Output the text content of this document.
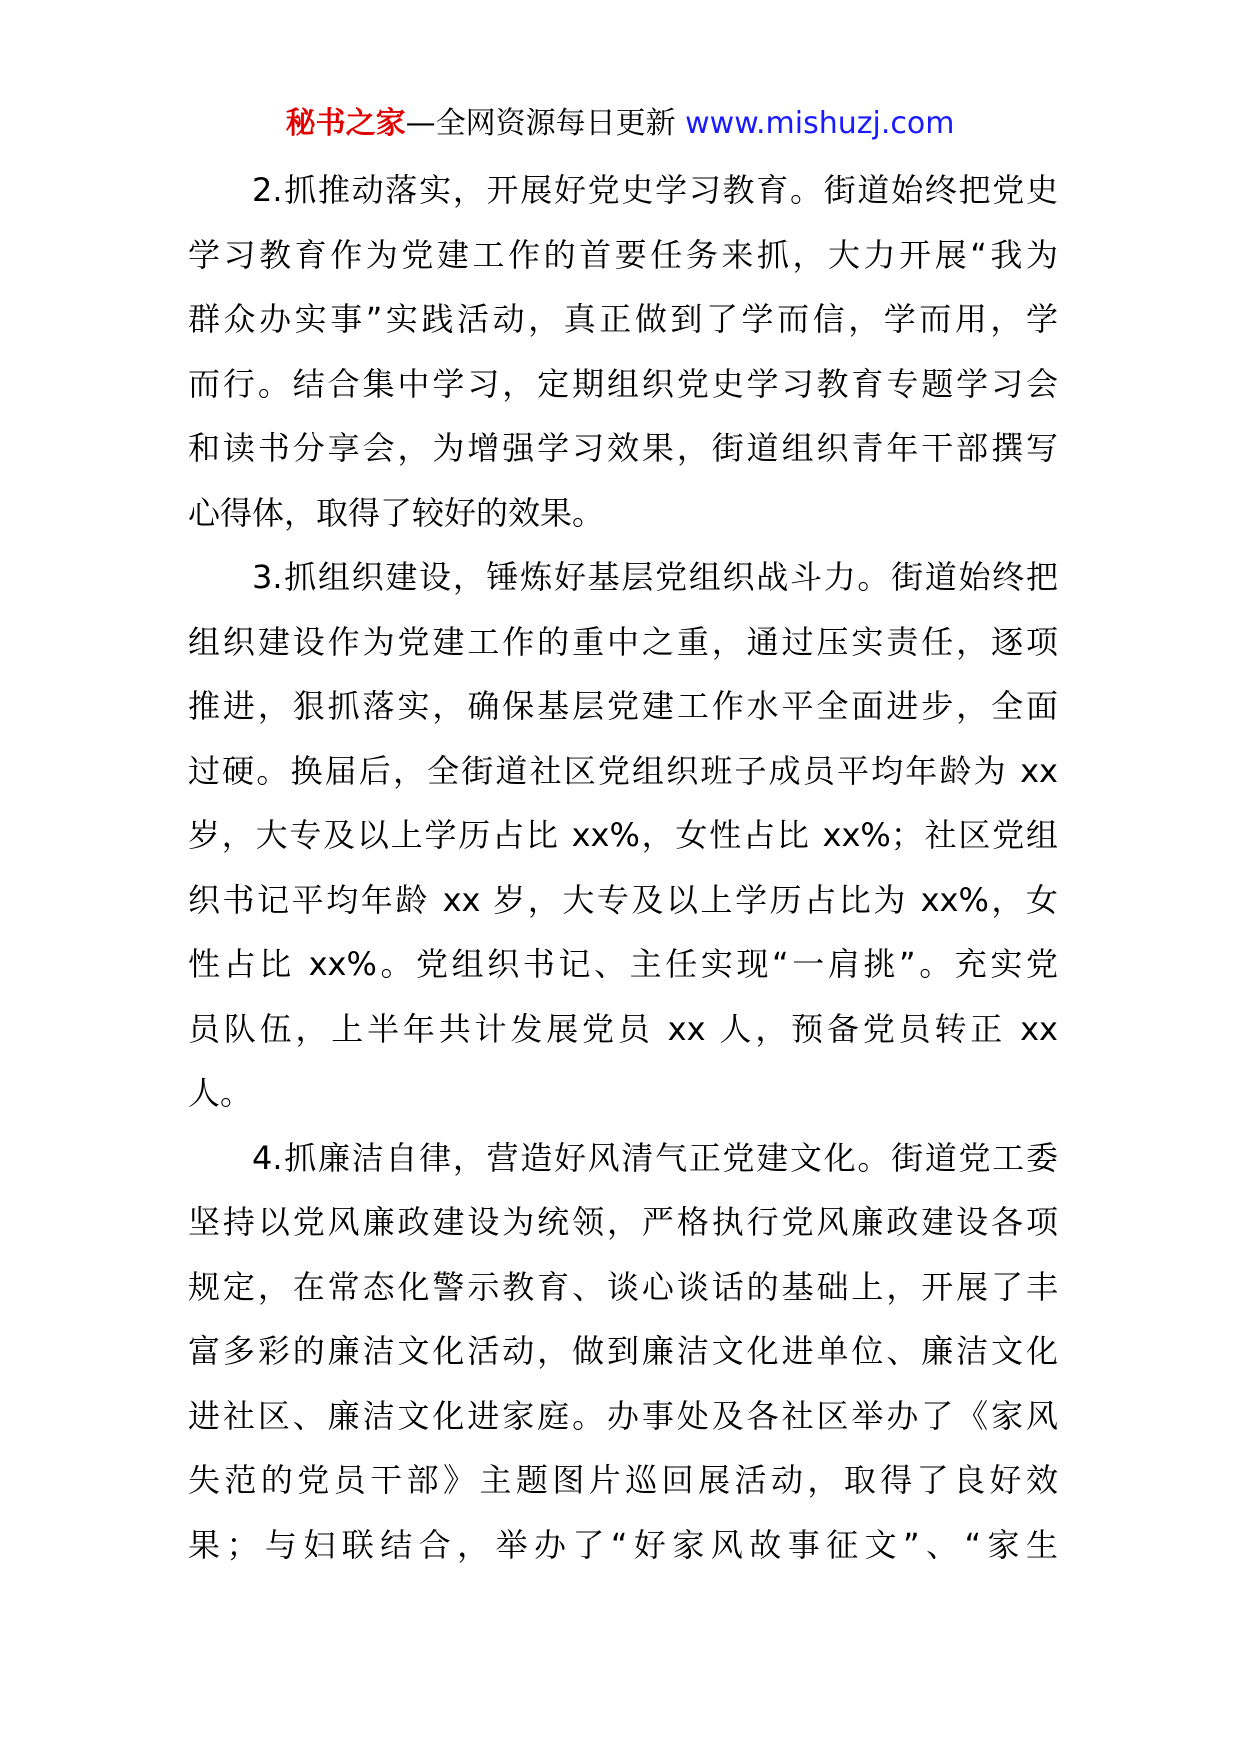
秘书之家—全网资源每日更新 www.mishuzj.com
2.抓推动落实，开展好党史学习教育。街道始终把党史
学习教育作为党建工作的首要任务来抓，大力开展“我为
群众办实事”实践活动，真正做到了学而信，学而用，学
而行。结合集中学习，定期组织党史学习教育专题学习会
和读书分享会，为增强学习效果，街道组织青年干部撰写
心得体，取得了较好的效果。
3.抓组织建设，锤炼好基层党组织战斗力。街道始终把
组织建设作为党建工作的重中之重，通过压实责任，逐项
推进，狠抓落实，确保基层党建工作水平全面进步，全面
过硬。换届后，全街道社区党组织班子成员平均年龄为 xx
岁，大专及以上学历占比 xx%，女性占比 xx%；社区党组
织书记平均年龄 xx 岁，大专及以上学历占比为 xx%，女
性占比 xx%。党组织书记、主任实现“一肩挑”。充实党
员队伍，上半年共计发展党员 xx 人，预备党员转正 xx
人。
4.抓廉洁自律，营造好风清气正党建文化。街道党工委
坚持以党风廉政建设为统领，严格执行党风廉政建设各项
规定，在常态化警示教育、谈心谈话的基础上，开展了丰
富多彩的廉洁文化活动，做到廉洁文化进单位、廉洁文化
进社区、廉洁文化进家庭。办事处及各社区举办了《家风
失范的党员干部》主题图片巡回展活动，取得了良好效
果；与妇联结合，举办了“好家风故事征文”、“家生
